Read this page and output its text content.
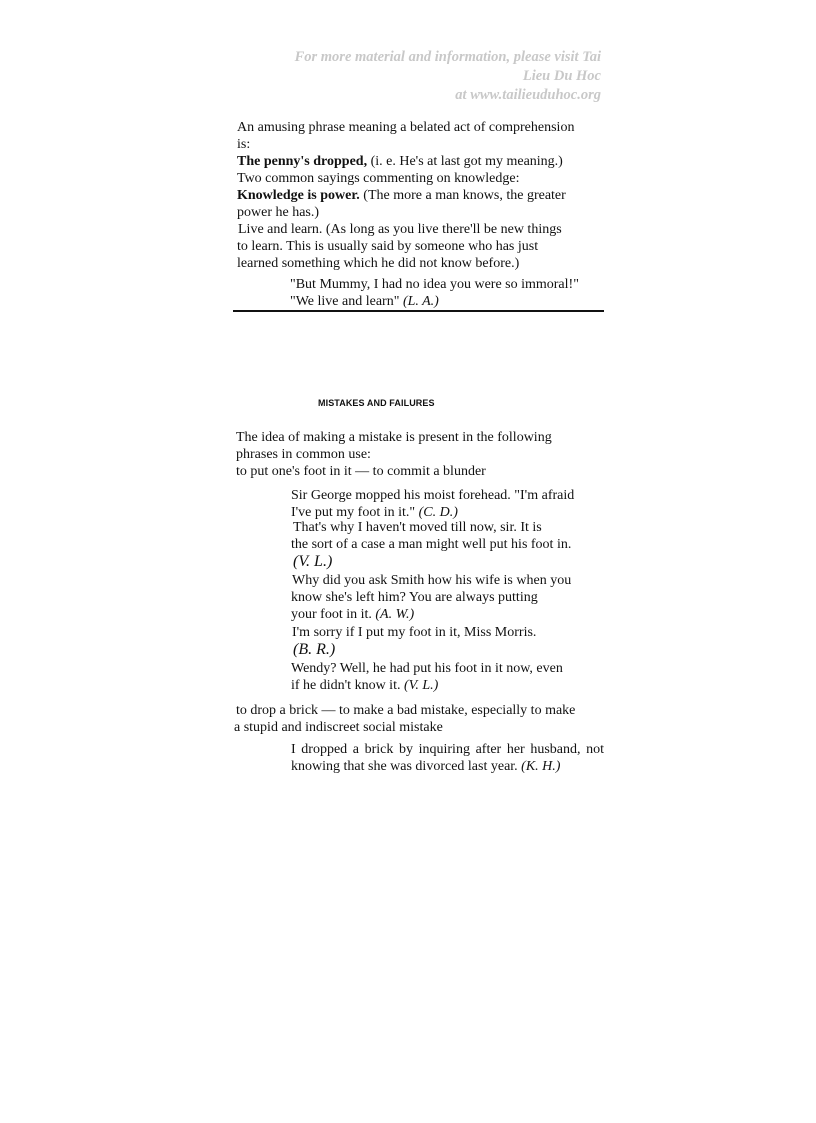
For more material and information, please visit Tai
Lieu Du Hoc
at www.tailieuduhoc.org
An amusing phrase meaning a belated act of comprehension
is:
The penny's dropped, (i. e. He's at last got my meaning.)
Two common sayings commenting on knowledge:
Knowledge is power. (The more a man knows, the greater
power he has.)
Live and learn. (As long as you live there'll be new things
to learn. This is usually said by someone who has just
learned something which he did not know before.)
"But Mummy, I had no idea you were so immoral!"
"We live and learn" (L. A.)
MISTAKES AND FAILURES
The idea of making a mistake is present in the following
phrases in common use:
to put one's foot in it — to commit a blunder
Sir George mopped his moist forehead. "I'm afraid
I've put my foot in it." (C. D.)
That's why I haven't moved till now, sir. It is
the sort of a case a man might well put his foot in.
(V. L.)
Why did you ask Smith how his wife is when you
know she's left him? You are always putting
your foot in it. (A. W.)
I'm sorry if I put my foot in it, Miss Morris.
(B. R.)
Wendy? Well, he had put his foot in it now, even
if he didn't know it. (V. L.)
to drop a brick — to make a bad mistake, especially to make
a stupid and indiscreet social mistake
I dropped a brick by inquiring after her husband, not knowing that she was divorced last year. (K. H.)
